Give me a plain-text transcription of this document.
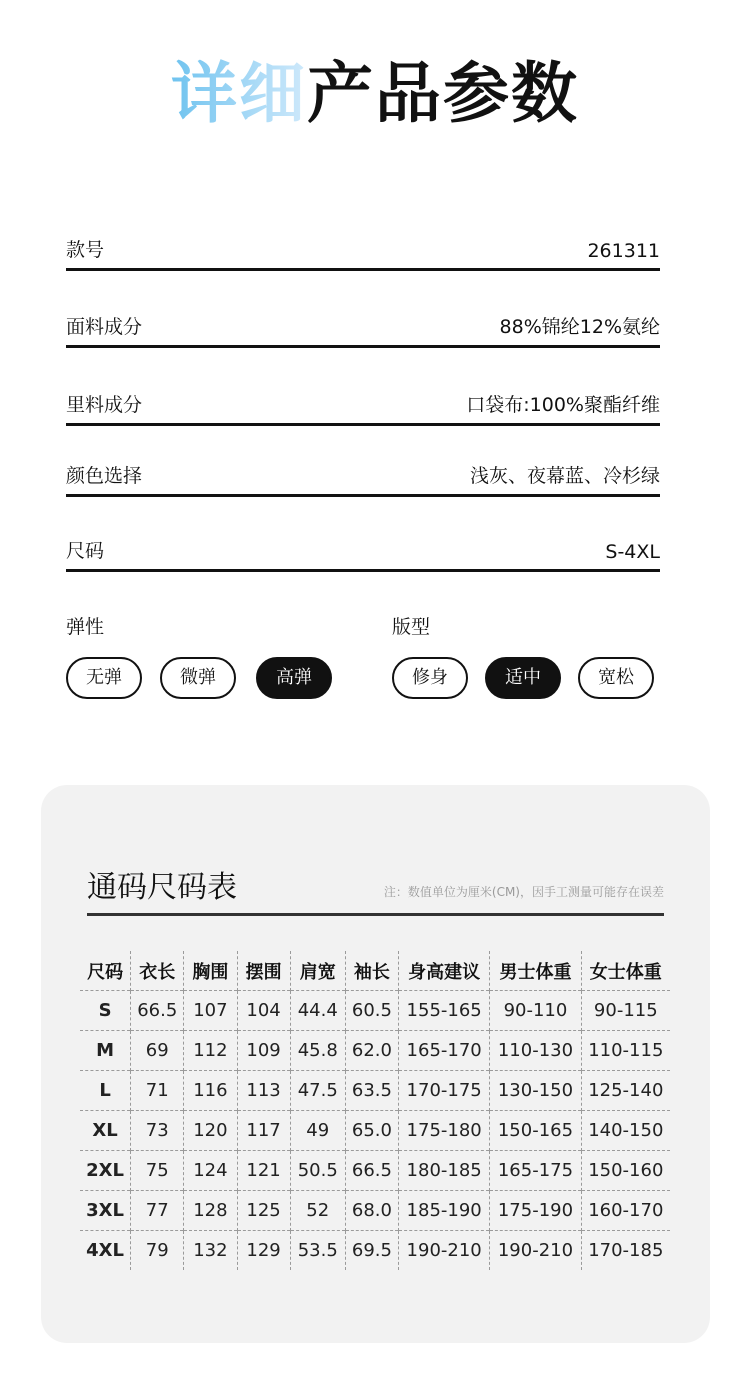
详细产品参数
款号	261311
面料成分	88%锦纶12%氨纶
里料成分	口袋布:100%聚酯纤维
颜色选择	浅灰、夜幕蓝、冷杉绿
尺码	S-4XL
弹性
无弹	微弹	高弹
版型
修身	适中	宽松
通码尺码表	注：数值单位为厘米(CM)，因手工测量可能存在误差
尺码	衣长	胸围	摆围	肩宽	袖长	身高建议	男士体重	女士体重
S	66.5	107	104	44.4	60.5	155-165	90-110	90-115
M	69	112	109	45.8	62.0	165-170	110-130	110-115
L	71	116	113	47.5	63.5	170-175	130-150	125-140
XL	73	120	117	49	65.0	175-180	150-165	140-150
2XL	75	124	121	50.5	66.5	180-185	165-175	150-160
3XL	77	128	125	52	68.0	185-190	175-190	160-170
4XL	79	132	129	53.5	69.5	190-210	190-210	170-185
